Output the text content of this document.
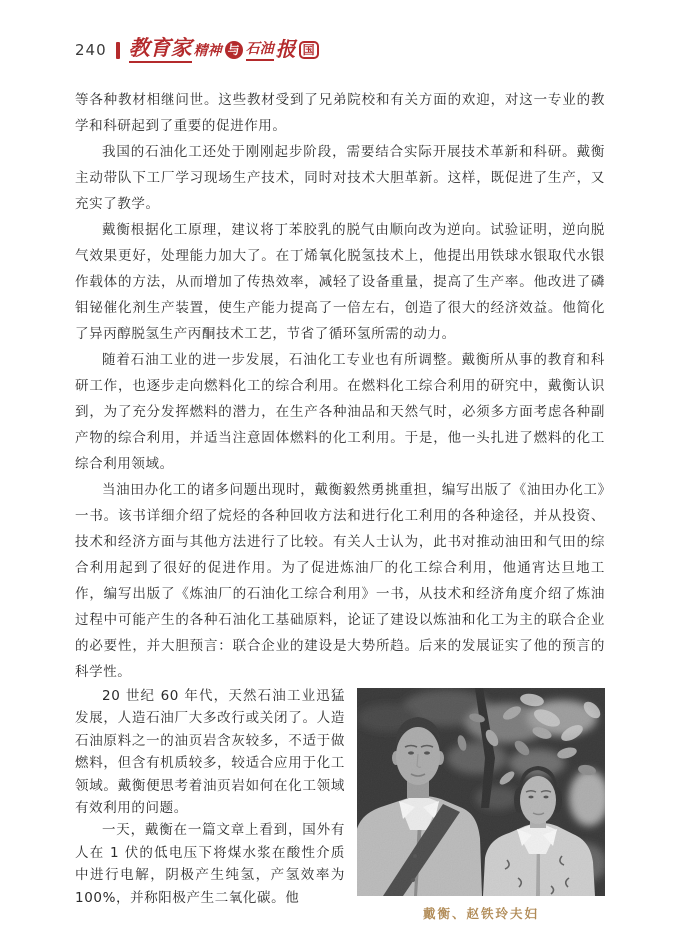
240 教育家 精神 与 石油 报 国

等各种教材相继问世。这些教材受到了兄弟院校和有关方面的欢迎，对这一专业的教学和科研起到了重要的促进作用。

我国的石油化工还处于刚刚起步阶段，需要结合实际开展技术革新和科研。戴衡主动带队下工厂学习现场生产技术，同时对技术大胆革新。这样，既促进了生产，又充实了教学。

戴衡根据化工原理，建议将丁苯胶乳的脱气由顺向改为逆向。试验证明，逆向脱气效果更好，处理能力加大了。在丁烯氧化脱氢技术上，他提出用铁球水银取代水银作载体的方法，从而增加了传热效率，减轻了设备重量，提高了生产率。他改进了磷钼铋催化剂生产装置，使生产能力提高了一倍左右，创造了很大的经济效益。他简化了异丙醇脱氢生产丙酮技术工艺，节省了循环氢所需的动力。

随着石油工业的进一步发展，石油化工专业也有所调整。戴衡所从事的教育和科研工作，也逐步走向燃料化工的综合利用。在燃料化工综合利用的研究中，戴衡认识到，为了充分发挥燃料的潜力，在生产各种油品和天然气时，必须多方面考虑各种副产物的综合利用，并适当注意固体燃料的化工利用。于是，他一头扎进了燃料的化工综合利用领域。

当油田办化工的诸多问题出现时，戴衡毅然勇挑重担，编写出版了《油田办化工》一书。该书详细介绍了烷烃的各种回收方法和进行化工利用的各种途径，并从投资、技术和经济方面与其他方法进行了比较。有关人士认为，此书对推动油田和气田的综合利用起到了很好的促进作用。为了促进炼油厂的化工综合利用，他通宵达旦地工作，编写出版了《炼油厂的石油化工综合利用》一书，从技术和经济角度介绍了炼油过程中可能产生的各种石油化工基础原料，论证了建设以炼油和化工为主的联合企业的必要性，并大胆预言：联合企业的建设是大势所趋。后来的发展证实了他的预言的科学性。

戴衡、赵铁玲夫妇

20 世纪 60 年代，天然石油工业迅猛发展，人造石油厂大多改行或关闭了。人造石油原料之一的油页岩含灰较多，不适于做燃料，但含有机质较多，较适合应用于化工领域。戴衡便思考着油页岩如何在化工领域有效利用的问题。

一天，戴衡在一篇文章上看到，国外有人在 1 伏的低电压下将煤水浆在酸性介质中进行电解，阴极产生纯氢，产氢效率为 100%，并称阳极产生二氧化碳。他
